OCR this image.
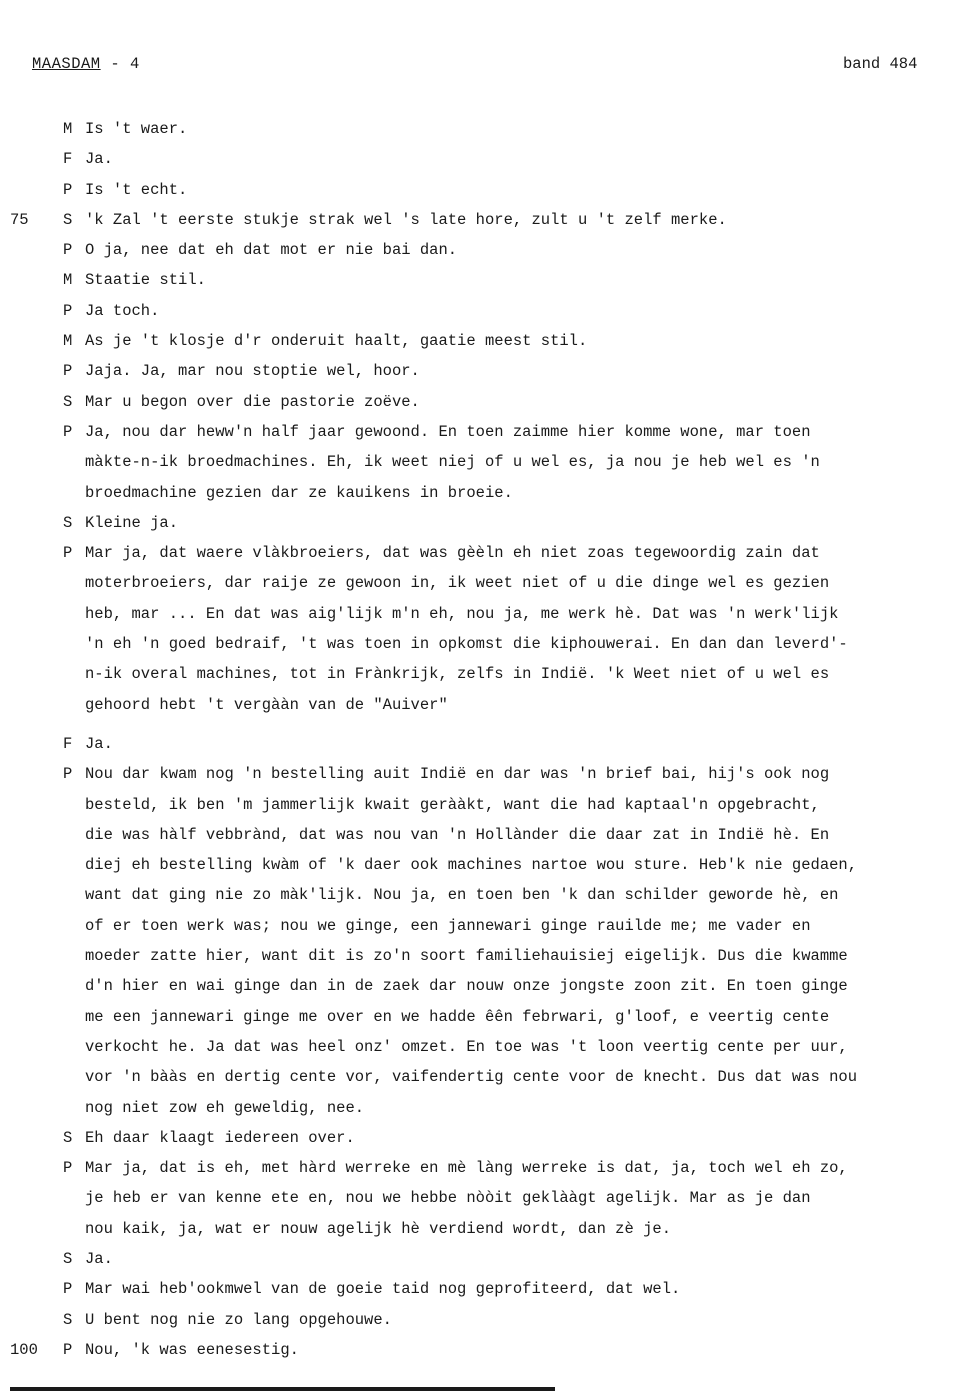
MAASDAM - 4	band 484
M Is 't waer.
F Ja.
P Is 't echt.
75 S 'k Zal 't eerste stukje strak wel 's late hore, zult u 't zelf merke.
P O ja, nee dat eh dat mot er nie bai dan.
M Staatie stil.
P Ja toch.
M As je 't klosje d'r onderuit haalt, gaatie meest stil.
P Jaja. Ja, mar nou stoptie wel, hoor.
S Mar u begon over die pastorie zoëve.
P Ja, nou dar heww'n half jaar gewoond. En toen zaimme hier komme wone, mar toen
màkte-n-ik broedmachines. Eh, ik weet niej of u wel es, ja nou je heb wel es 'n
broedmachine gezien dar ze kauikens in broeie.
S Kleine ja.
P Mar ja, dat waere vlàkbroeiers, dat was gèèln eh niet zoas tegewoordig zain dat
moterbroeiers, dar raije ze gewoon in, ik weet niet of u die dinge wel es gezien
heb, mar ... En dat was aig'lijk m'n eh, nou ja, me werk hè. Dat was 'n werk'lijk
'n eh 'n goed bedraif, 't was toen in opkomst die kiphouwerai. En dan dan leverd'-
n-ik overal machines, tot in Frànkrijk, zelfs in Indië. 'k Weet niet of u wel es
gehoord hebt 't vergààn van de "Auiver"
F Ja.
P Nou dar kwam nog 'n bestelling auit Indië en dar was 'n brief bai, hij's ook nog
besteld, ik ben 'm jammerlijk kwait gerààkt, want die had kaptaal'n opgebracht,
die was hàlf vebbrànd, dat was nou van 'n Hollànder die daar zat in Indië hè. En
diej eh bestelling kwàm of 'k daer ook machines nartoe wou sture. Heb'k nie gedaen,
want dat ging nie zo màk'lijk. Nou ja, en toen ben 'k dan schilder geworde hè, en
of er toen werk was; nou we ginge, een jannewari ginge rauilde me; me vader en
moeder zatte hier, want dit is zo'n soort familiehauisiej eigelijk. Dus die kwamme
d'n hier en wai ginge dan in de zaek dar nouw onze jongste zoon zit. En toen ginge
me een jannewari ginge me over en we hadde êên febrwari, g'loof, e veertig cente
verkocht he. Ja dat was heel onz' omzet. En toe was 't loon veertig cente per uur,
vor 'n bààs en dertig cente vor, vaifendertig cente voor de knecht. Dus dat was nou
nog niet zow eh geweldig, nee.
S Eh daar klaagt iedereen over.
P Mar ja, dat is eh, met hàrd werreke en mè làng werreke is dat, ja, toch wel eh zo,
je heb er van kenne ete en, nou we hebbe nòòit geklààgt agelijk. Mar as je dan
nou kaik, ja, wat er nouw agelijk hè verdiend wordt, dan zè je.
S Ja.
P Mar wai heb'ookmwel van de goeie taid nog geprofiteerd, dat wel.
S U bent nog nie zo lang opgehouwe.
100 P Nou, 'k was eenesestig.
